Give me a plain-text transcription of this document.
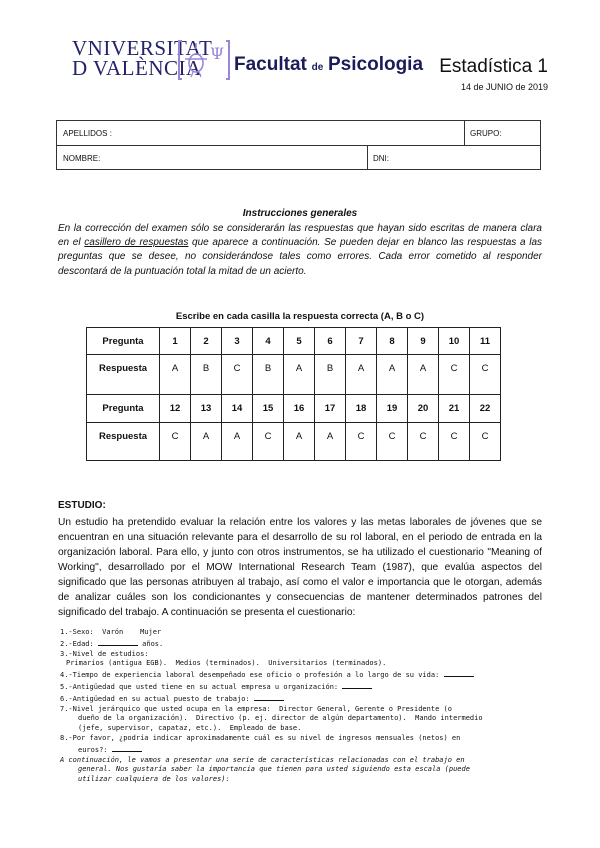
VNIVERSITAT
D VALÈNCIA
Ψ
Facultat de Psicologia Estadística 1
14 de JUNIO de 2019
APELLIDOS :	GRUPO:
NOMBRE:	DNI:
Instrucciones generales
En la corrección del examen sólo se considerarán las respuestas que hayan sido escritas de manera clara en el casillero de respuestas que aparece a continuación. Se pueden dejar en blanco las respuestas a las preguntas que se desee, no considerándose tales como errores. Cada error cometido al responder descontará de la puntuación total la mitad de un acierto.
Escribe en cada casilla la respuesta correcta (A, B o C)
Pregunta	1	2	3	4	5	6	7	8	9	10	11
Respuesta	A	B	C	B	A	B	A	A	A	C	C
Pregunta	12	13	14	15	16	17	18	19	20	21	22
Respuesta	C	A	A	C	A	A	C	C	C	C	C
ESTUDIO:
Un estudio ha pretendido evaluar la relación entre los valores y las metas laborales de jóvenes que se encuentran en una situación relevante para el desarrollo de su rol laboral, en el periodo de entrada en la organización laboral. Para ello, y junto con otros instrumentos, se ha utilizado el cuestionario "Meaning of Working", desarrollado por el MOW International Research Team (1987), que evalúa aspectos del significado que las personas atribuyen al trabajo, así como el valor e importancia que le otorgan, además de analizar cuáles son los condicionantes y consecuencias de mantener determinados patrones del significado del trabajo. A continuación se presenta el cuestionario:
1.-Sexo:  Varón    Mujer
2.-Edad:	años.
3.-Nivel de estudios:
Primarios (antigua EGB).  Medios (terminados).  Universitarios (terminados).
4.-Tiempo de experiencia laboral desempeñado ese oficio o profesión a lo largo de su vida:
5.-Antigüedad que usted tiene en su actual empresa u organización:
6.-Antigüedad en su actual puesto de trabajo:
7.-Nivel jerárquico que usted ocupa en la empresa:  Director General, Gerente o Presidente (o
dueño de la organización).  Directivo (p. ej. director de algún departamento).  Mando intermedio
(jefe, supervisor, capataz, etc.).  Empleado de base.
8.-Por favor, ¿podría indicar aproximadamente cuál es su nivel de ingresos mensuales (netos) en
euros?:
A continuación, le vamos a presentar una serie de características relacionadas con el trabajo en
general. Nos gustaría saber la importancia que tienen para usted siguiendo esta escala (puede
utilizar cualquiera de los valores):
